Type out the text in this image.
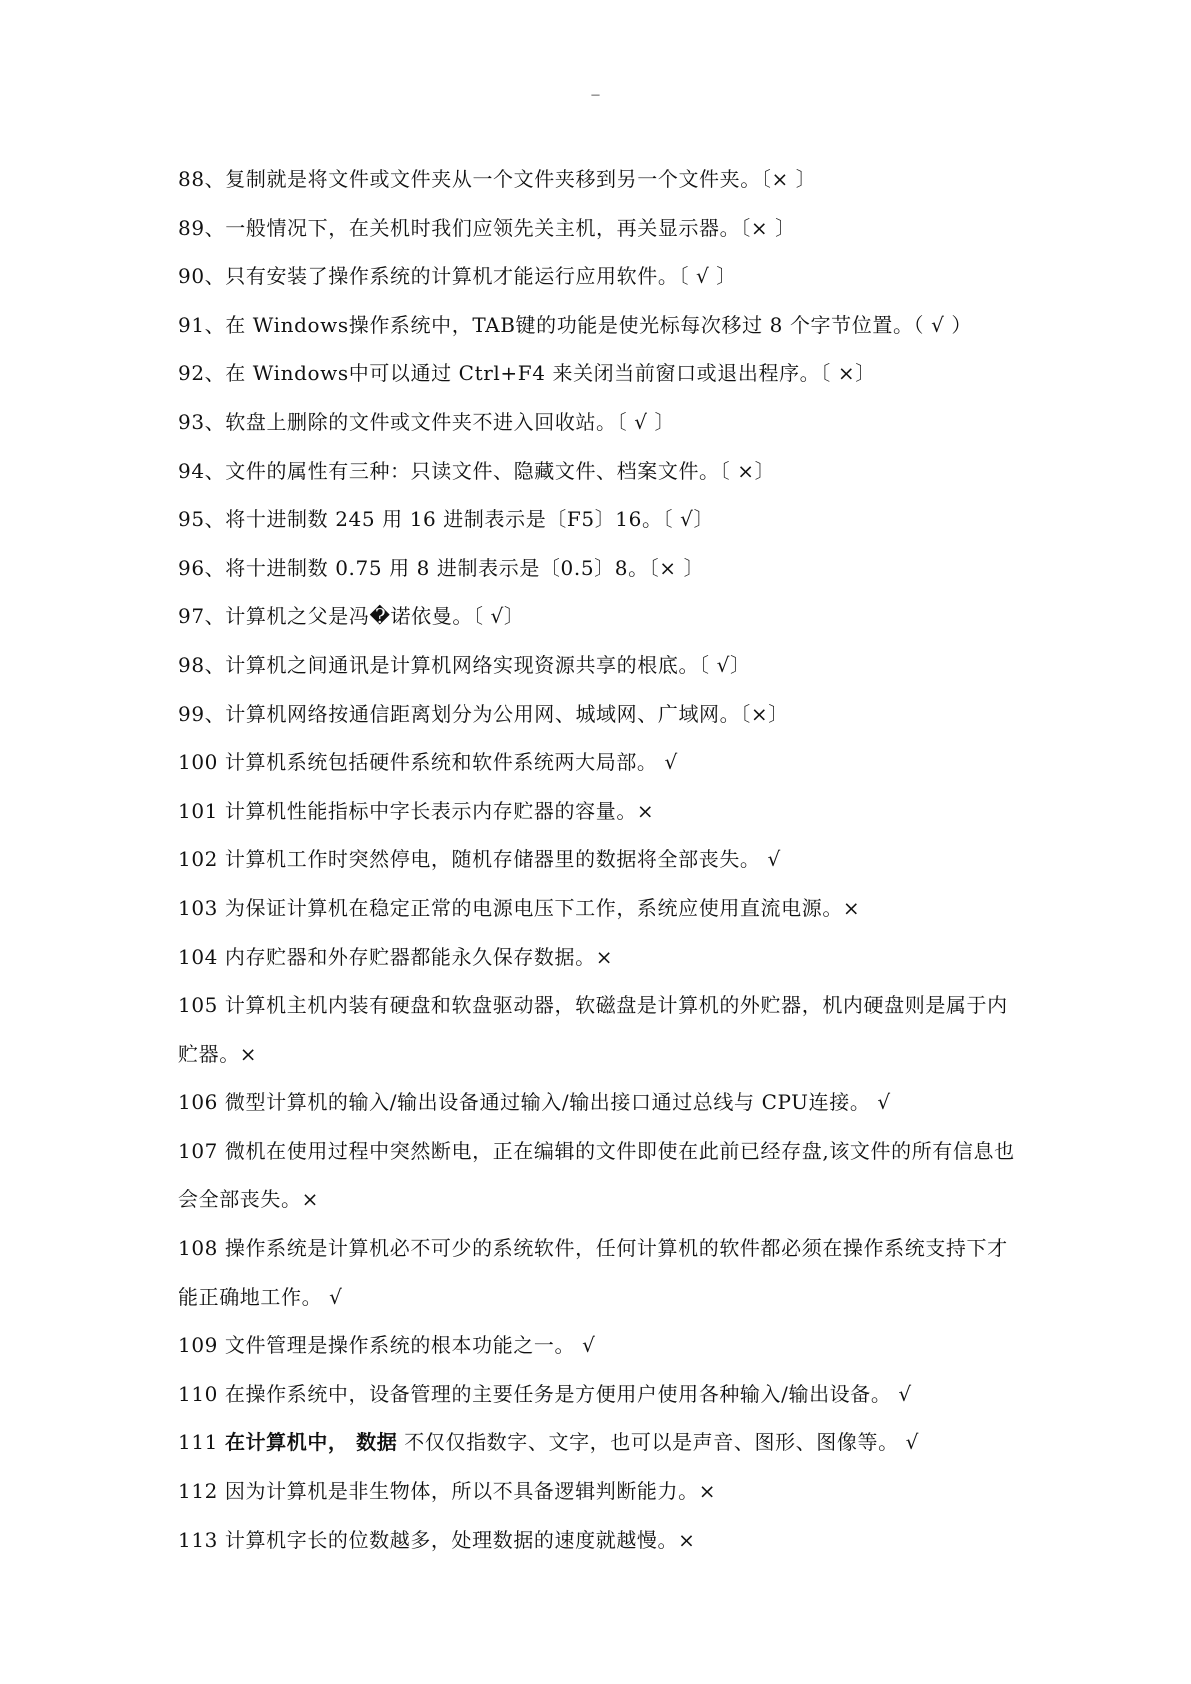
–
88、复制就是将文件或文件夹从一个文件夹移到另一个文件夹。〔× 〕
89、一般情况下，在关机时我们应领先关主机，再关显示器。〔× 〕
90、只有安装了操作系统的计算机才能运行应用软件。〔 √ 〕
91、在 Windows操作系统中，TAB键的功能是使光标每次移过 8 个字节位置。（ √ ）
92、在 Windows中可以通过 Ctrl+F4 来关闭当前窗口或退出程序。〔 ×〕
93、软盘上删除的文件或文件夹不进入回收站。〔 √ 〕
94、文件的属性有三种：只读文件、隐藏文件、档案文件。〔 ×〕
95、将十进制数 245 用 16 进制表示是〔F5〕16。〔 √〕
96、将十进制数 0.75 用 8 进制表示是〔0.5〕8。〔× 〕
97、计算机之父是冯�诺依曼。〔 √〕
98、计算机之间通讯是计算机网络实现资源共享的根底。〔 √〕
99、计算机网络按通信距离划分为公用网、城域网、广域网。〔×〕
100 计算机系统包括硬件系统和软件系统两大局部。 √
101 计算机性能指标中字长表示内存贮器的容量。×
102 计算机工作时突然停电，随机存储器里的数据将全部丧失。 √
103 为保证计算机在稳定正常的电源电压下工作，系统应使用直流电源。×
104 内存贮器和外存贮器都能永久保存数据。×
105 计算机主机内装有硬盘和软盘驱动器，软磁盘是计算机的外贮器，机内硬盘则是属于内
贮器。×
106 微型计算机的输入/输出设备通过输入/输出接口通过总线与 CPU连接。 √
107 微机在使用过程中突然断电，正在编辑的文件即使在此前已经存盘,该文件的所有信息也
会全部丧失。×
108 操作系统是计算机必不可少的系统软件，任何计算机的软件都必须在操作系统支持下才
能正确地工作。 √
109 文件管理是操作系统的根本功能之一。 √
110 在操作系统中，设备管理的主要任务是方便用户使用各种输入/输出设备。 √
111 在计算机中， 数据 不仅仅指数字、文字，也可以是声音、图形、图像等。 √
112 因为计算机是非生物体，所以不具备逻辑判断能力。×
113 计算机字长的位数越多，处理数据的速度就越慢。×
